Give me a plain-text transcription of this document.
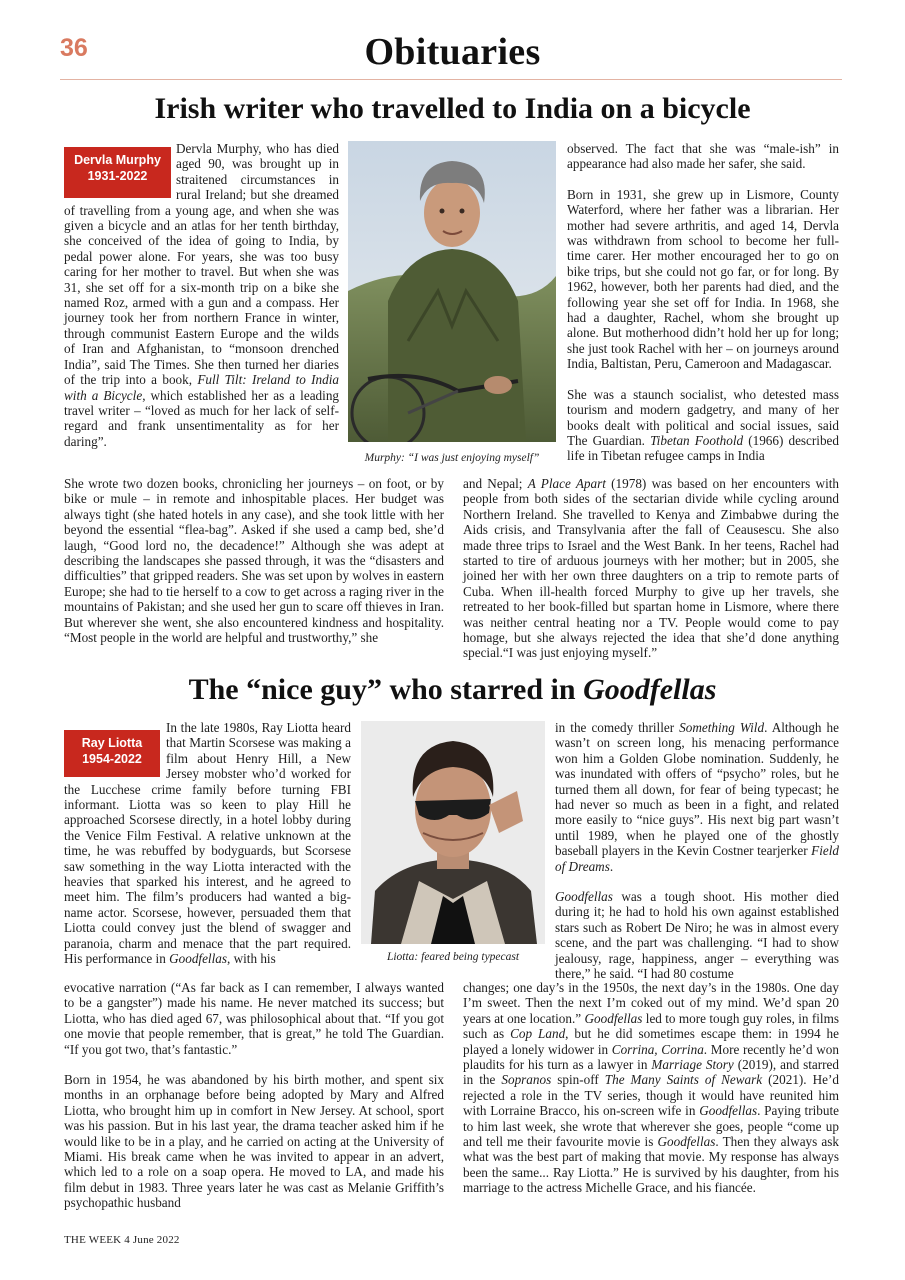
36	Obituaries
Irish writer who travelled to India on a bicycle
Dervla Murphy
1931-2022

Dervla Murphy, who has died aged 90, was brought up in straitened circumstances in rural Ireland; but she dreamed of travelling from a young age, and when she was given a bicycle and an atlas for her tenth birthday, she conceived of the idea of going to India, by pedal power alone. For years, she was too busy caring for her mother to travel. But when she was 31, she set off for a six-month trip on a bike she named Roz, armed with a gun and a compass. Her journey took her from northern France in winter, through communist Eastern Europe and the wilds of Iran and Afghanistan, to “monsoon drenched India”, said The Times. She then turned her diaries of the trip into a book, Full Tilt: Ireland to India with a Bicycle, which established her as a leading travel writer – “loved as much for her lack of self-regard and frank unsentimentality as for her daring”.

Murphy: “I was just enjoying myself”

observed. The fact that she was “male-ish” in appearance had also made her safer, she said.

Born in 1931, she grew up in Lismore, County Waterford, where her father was a librarian. Her mother had severe arthritis, and aged 14, Dervla was withdrawn from school to become her full-time carer. Her mother encouraged her to go on bike trips, but she could not go far, or for long. By 1962, however, both her parents had died, and the following year she set off for India. In 1968, she had a daughter, Rachel, whom she brought up alone. But motherhood didn’t hold her up for long; she just took Rachel with her – on journeys around India, Baltistan, Peru, Cameroon and Madagascar.

She was a staunch socialist, who detested mass tourism and modern gadgetry, and many of her books dealt with political and social issues, said The Guardian. Tibetan Foothold (1966) described life in Tibetan refugee camps in India

She wrote two dozen books, chronicling her journeys – on foot, or by bike or mule – in remote and inhospitable places. Her budget was always tight (she hated hotels in any case), and she took little with her beyond the essential “flea-bag”. Asked if she used a camp bed, she’d laugh, “Good lord no, the decadence!” Although she was adept at describing the landscapes she passed through, it was the “disasters and difficulties” that gripped readers. She was set upon by wolves in eastern Europe; she had to tie herself to a cow to get across a raging river in the mountains of Pakistan; and she used her gun to scare off thieves in Iran. But wherever she went, she also encountered kindness and hospitality. “Most people in the world are helpful and trustworthy,” she

and Nepal; A Place Apart (1978) was based on her encounters with people from both sides of the sectarian divide while cycling around Northern Ireland. She travelled to Kenya and Zimbabwe during the Aids crisis, and Transylvania after the fall of Ceausescu. She also made three trips to Israel and the West Bank. In her teens, Rachel had started to tire of arduous journeys with her mother; but in 2005, she joined her with her own three daughters on a trip to remote parts of Cuba. When ill-health forced Murphy to give up her travels, she retreated to her book-filled but spartan home in Lismore, where there was neither central heating nor a TV. People would come to pay homage, but she always rejected the idea that she’d done anything special.“I was just enjoying myself.”

The “nice guy” who starred in Goodfellas
Ray Liotta
1954-2022

In the late 1980s, Ray Liotta heard that Martin Scorsese was making a film about Henry Hill, a New Jersey mobster who’d worked for the Lucchese crime family before turning FBI informant. Liotta was so keen to play Hill he approached Scorsese directly, in a hotel lobby during the Venice Film Festival. A relative unknown at the time, he was rebuffed by bodyguards, but Scorsese saw something in the way Liotta interacted with the heavies that sparked his interest, and he agreed to meet him. The film’s producers had wanted a big-name actor. Scorsese, however, persuaded them that Liotta could convey just the blend of swagger and paranoia, charm and menace that the part required. His performance in Goodfellas, with his	Liotta: feared being typecast

in the comedy thriller Something Wild. Although he wasn’t on screen long, his menacing performance won him a Golden Globe nomination. Suddenly, he was inundated with offers of “psycho” roles, but he turned them all down, for fear of being typecast; he had never so much as been in a fight, and related more easily to “nice guys”. His next big part wasn’t until 1989, when he played one of the ghostly baseball players in the Kevin Costner tearjerker Field of Dreams.

Goodfellas was a tough shoot. His mother died during it; he had to hold his own against established stars such as Robert De Niro; he was in almost every scene, and the part was challenging. “I had to show jealousy, rage, happiness, anger – everything was there,” he said. “I had 80 costume

evocative narration (“As far back as I can remember, I always wanted to be a gangster”) made his name. He never matched its success; but Liotta, who has died aged 67, was philosophical about that. “If you got one movie that people remember, that is great,” he told The Guardian. “If you got two, that’s fantastic.”

Born in 1954, he was abandoned by his birth mother, and spent six months in an orphanage before being adopted by Mary and Alfred Liotta, who brought him up in comfort in New Jersey. At school, sport was his passion. But in his last year, the drama teacher asked him if he would like to be in a play, and he carried on acting at the University of Miami. His break came when he was invited to appear in an advert, which led to a role on a soap opera. He moved to LA, and made his film debut in 1983. Three years later he was cast as Melanie Griffith’s psychopathic husband

changes; one day’s in the 1950s, the next day’s in the 1980s. One day I’m sweet. Then the next I’m coked out of my mind. We’d span 20 years at one location.” Goodfellas led to more tough guy roles, in films such as Cop Land, but he did sometimes escape them: in 1994 he played a lonely widower in Corrina, Corrina. More recently he’d won plaudits for his turn as a lawyer in Marriage Story (2019), and starred in the Sopranos spin-off The Many Saints of Newark (2021). He’d rejected a role in the TV series, though it would have reunited him with Lorraine Bracco, his on-screen wife in Goodfellas. Paying tribute to him last week, she wrote that wherever she goes, people “come up and tell me their favourite movie is Goodfellas. Then they always ask what was the best part of making that movie. My response has always been the same... Ray Liotta.” He is survived by his daughter, from his marriage to the actress Michelle Grace, and his fiancée.

THE WEEK 4 June 2022
